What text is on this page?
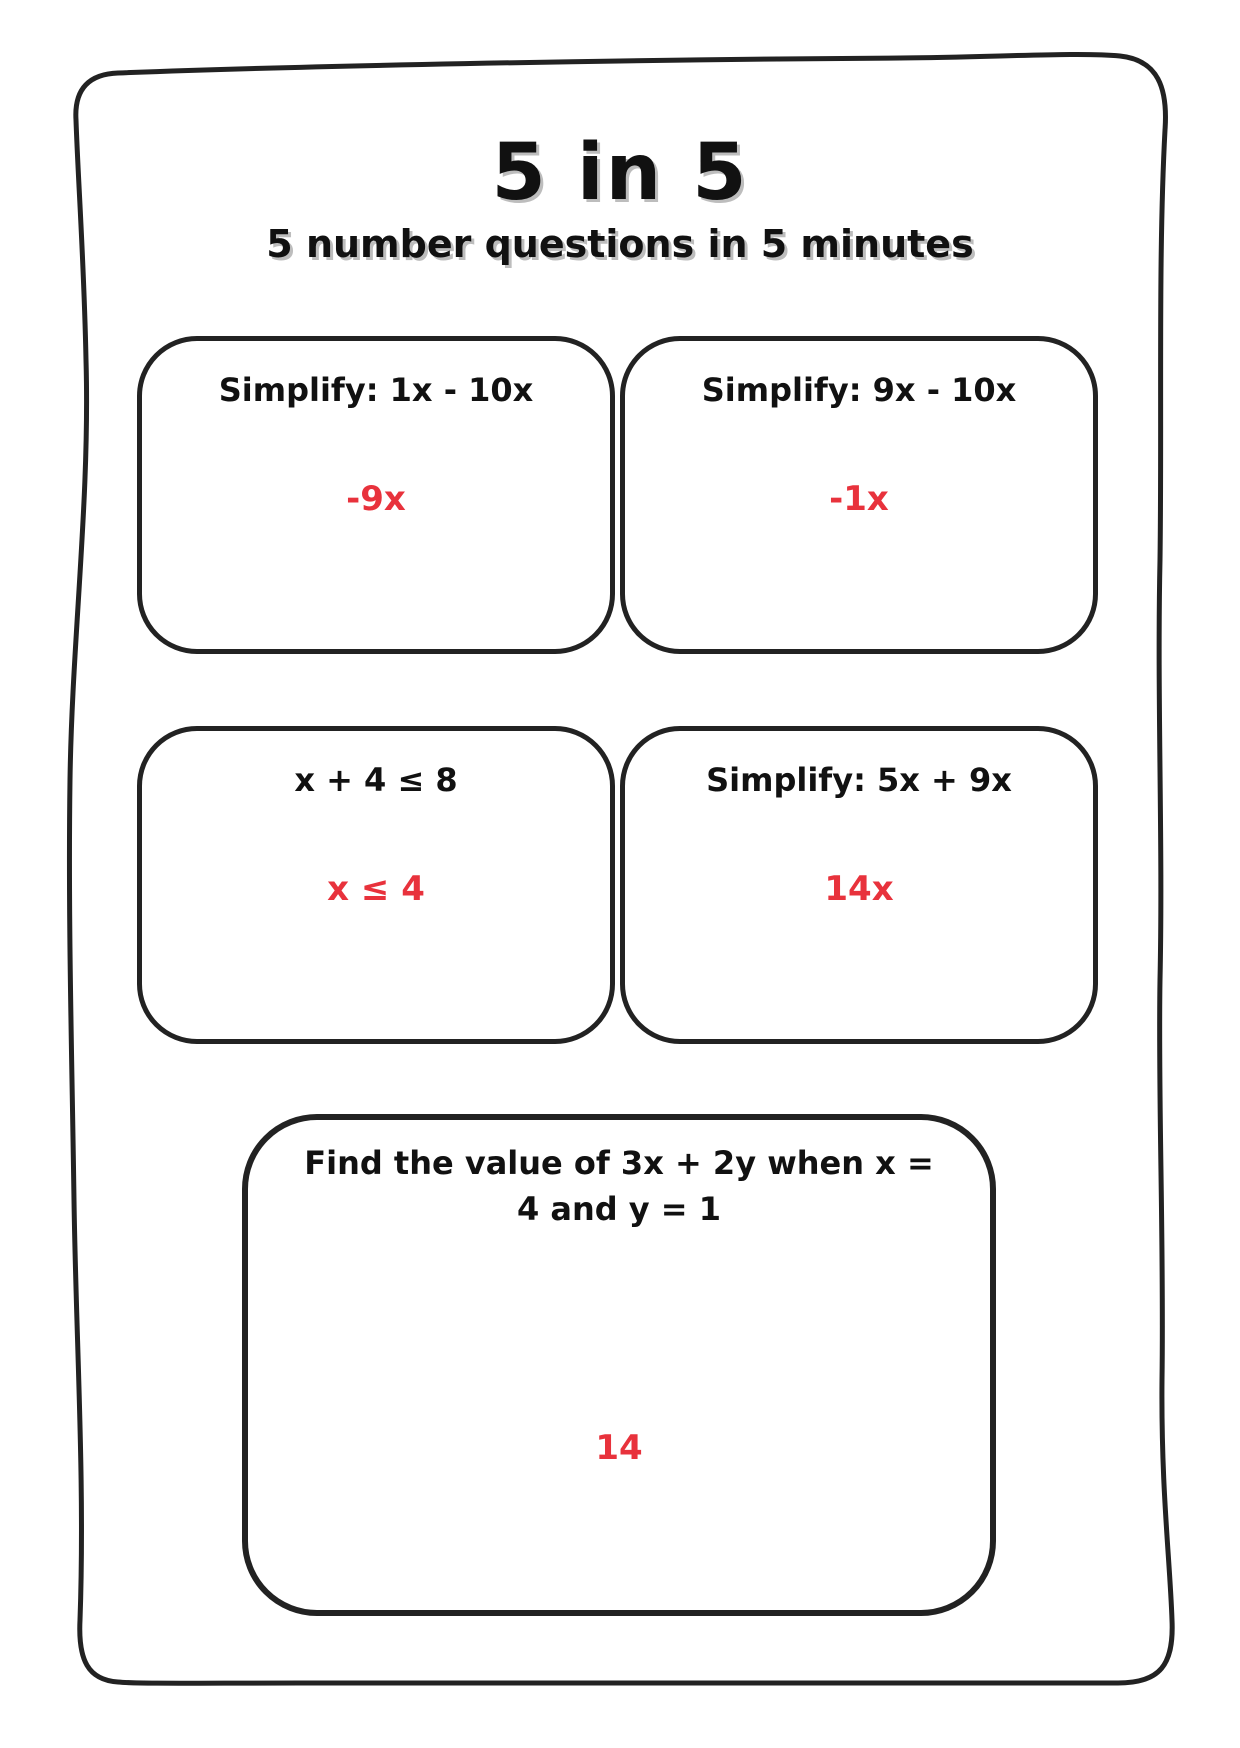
5 in 5
5 number questions in 5 minutes
Simplify: 1x - 10x
-9x
Simplify: 9x - 10x
-1x
x + 4 ≤ 8
x ≤ 4
Simplify: 5x + 9x
14x
Find the value of 3x + 2y when x = 4 and y = 1
14
